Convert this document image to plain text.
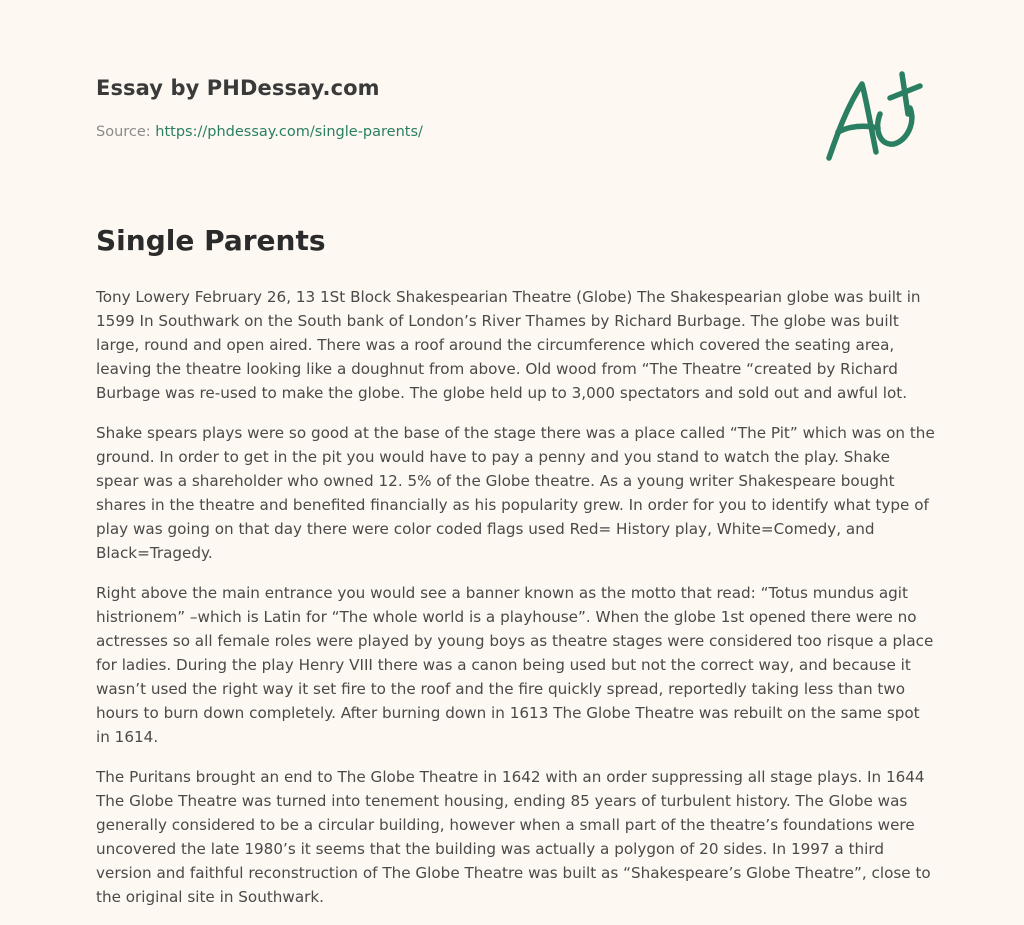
Essay by PHDessay.com
Source: https://phdessay.com/single-parents/
Single Parents

Tony Lowery February 26, 13 1St Block Shakespearian Theatre (Globe) The Shakespearian globe was built in 1599 In Southwark on the South bank of London’s River Thames by Richard Burbage. The globe was built large, round and open aired. There was a roof around the circumference which covered the seating area, leaving the theatre looking like a doughnut from above. Old wood from “The Theatre “created by Richard Burbage was re-used to make the globe. The globe held up to 3,000 spectators and sold out and awful lot.

Shake spears plays were so good at the base of the stage there was a place called “The Pit” which was on the ground. In order to get in the pit you would have to pay a penny and you stand to watch the play. Shake spear was a shareholder who owned 12. 5% of the Globe theatre. As a young writer Shakespeare bought shares in the theatre and benefited financially as his popularity grew. In order for you to identify what type of play was going on that day there were color coded flags used Red= History play, White=Comedy, and Black=Tragedy.

Right above the main entrance you would see a banner known as the motto that read: “Totus mundus agit histrionem” –which is Latin for “The whole world is a playhouse”. When the globe 1st opened there were no actresses so all female roles were played by young boys as theatre stages were considered too risque a place for ladies. During the play Henry VIII there was a canon being used but not the correct way, and because it wasn’t used the right way it set fire to the roof and the fire quickly spread, reportedly taking less than two hours to burn down completely. After burning down in 1613 The Globe Theatre was rebuilt on the same spot in 1614.

The Puritans brought an end to The Globe Theatre in 1642 with an order suppressing all stage plays. In 1644 The Globe Theatre was turned into tenement housing, ending 85 years of turbulent history. The Globe was generally considered to be a circular building, however when a small part of the theatre’s foundations were uncovered the late 1980’s it seems that the building was actually a polygon of 20 sides. In 1997 a third version and faithful reconstruction of The Globe Theatre was built as “Shakespeare’s Globe Theatre”, close to the original site in Southwark.
